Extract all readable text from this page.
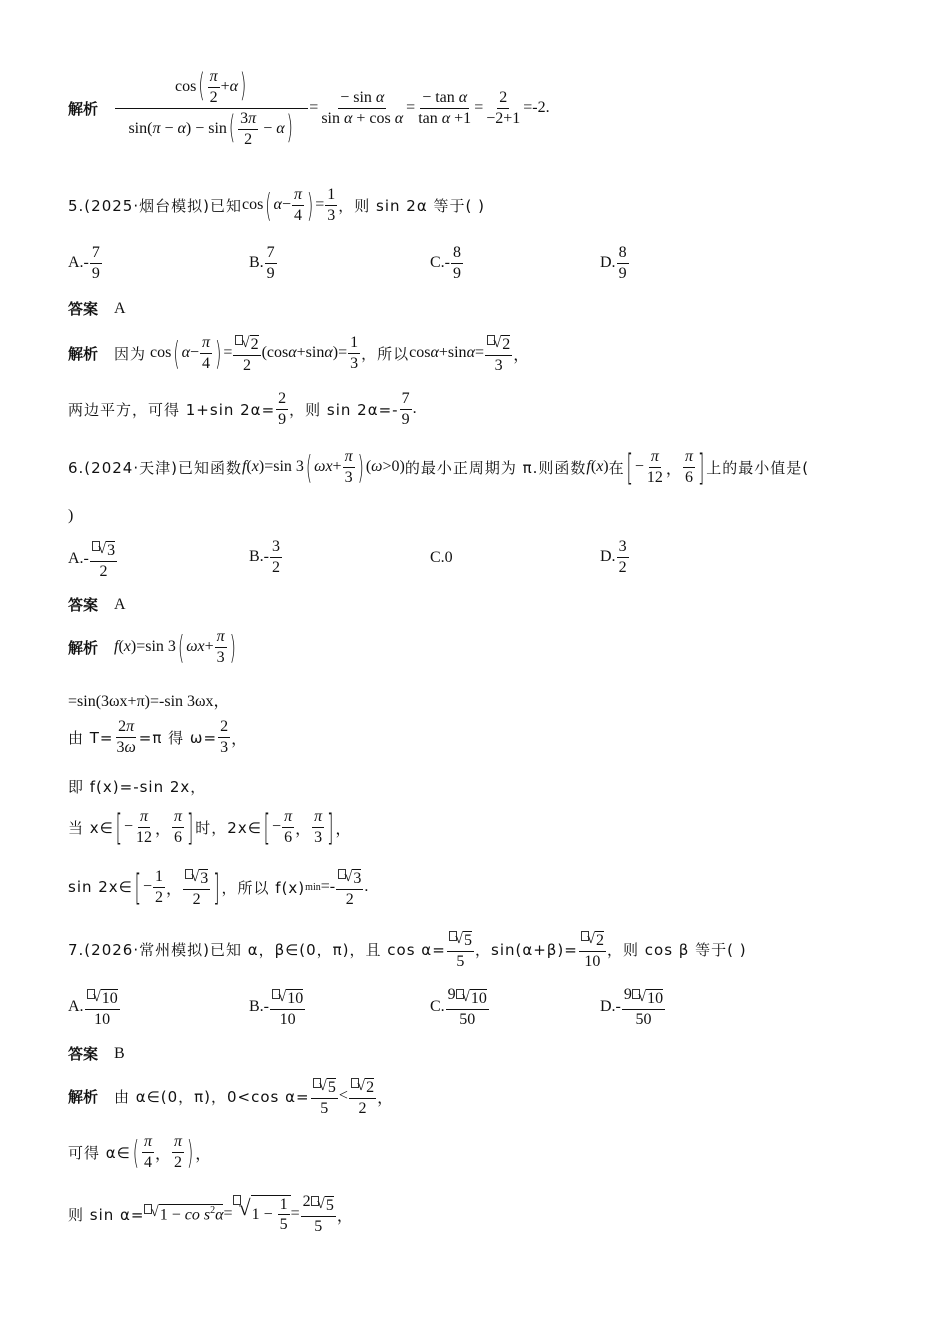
解析 $\frac{\cos ( \frac{\pi}{2} +\alpha )}{\sin(\pi - \alpha) - \sin ( \frac{3\pi}{2} - \alpha )} = \frac{\text{− sin α}}{\text{sin α + cos α}} = \frac{\text{− tan α}}{\text{tan α +1}} = \frac{2}{-2+1} =-2$.
5.(2025·烟台模拟)已知 cos ( $\alpha - \frac{\pi}{4}$ ) = $\frac{1}{3}$ ，则 sin 2α 等于( )
$A.- \frac{7}{9}$	B. $\frac{7}{9}$	$C.- \frac{8}{9}$	D. $\frac{8}{9}$
答案 A
解析 因为 cos ( $\alpha - \frac{\pi}{4}$ ) = $\frac{√ 2}{2} (\cos$ α +sin α )= $\frac{1}{3}$ ，所以 cos α +sin $\alpha = \frac{√ 2}{3}$ ，
两边平方，可得 1+sin $2\alpha= \frac{2}{9}$ ，则 $\sin 2\alpha=- \frac{7}{9}$ .
6.(2024·天津)已知函数 f ( x )=sin 3 ( $\omega x + \frac{\pi}{3}$ ) ( ω >0) 的最小正周期为 π.则函数 f ( x ) 在 [ − $\frac{\pi}{12}$ ， $\frac{\pi}{6}$ ] 上的最小值是(
)
$A.- \frac{√ 3}{2}$	$B.- \frac{3}{2}$	C.0	D. $\frac{3}{2}$
答案 A
解析 f ( x )=sin 3 ( $\omega x + \frac{\pi}{3}$ )
=sin(3ωx+π)=-sin 3ωx，
由 $T= \frac{2\pi}{3\omega} =\pi$ 得 $\omega= \frac{2}{3}$ ，
即 f(x)=-sin 2x，
当 x∈ [ − $\frac{\pi}{12}$ ， $\frac{\pi}{6}$ ] 时，2x∈ [ − $\frac{\pi}{6}$ ， $\frac{\pi}{3}$ ] ，
sin 2x∈ [ − $\frac{1}{2}$ ， $\frac{√ 3}{2}$ ] ，所以 f(x) $\min =- \frac{√ 3}{2}$ .
7.(2026·常州模拟)已知 α，β∈(0，π)，且 $\cos \alpha= \frac{√ 5}{5}$ ，$\sin(\alpha+\beta)= \frac{√ 2}{10}$ ，则 cos β 等于( )
A. $\frac{√ 10}{10}$	$B.- \frac{√ 10}{10}$	C. $\frac{9 √ 10}{50}$	$D.- \frac{9 √ 10}{50}$
答案 B
解析 由 α∈(0，π)，0<cos $\alpha= \frac{√ 5}{5} < \frac{√ 2}{2}$ ，
可得 α∈ ( $\frac{\pi}{4}$ ， $\frac{\pi}{2}$ ) ，
则 sin α= √ 1 − co $s^2\alpha$ = √ $1 - \frac{1}{5} = \frac{2 √ 5}{5}$ ，
